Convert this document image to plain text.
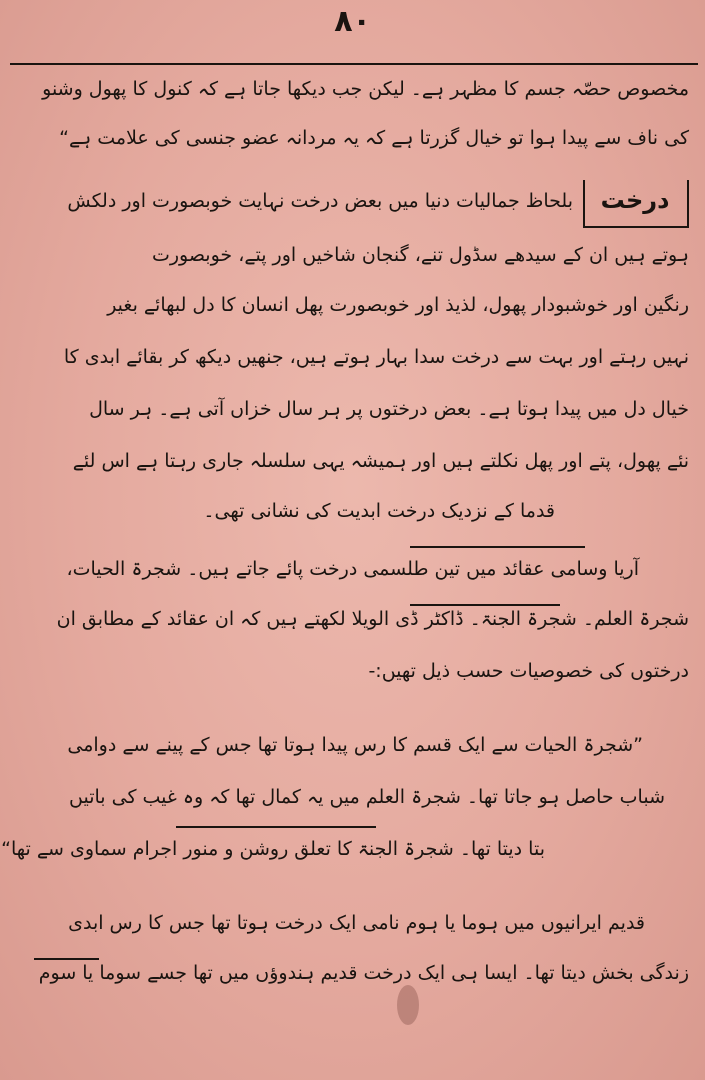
۸۰
مخصوص حصّہ جسم کا مظہر ہے۔ لیکن جب دیکھا جاتا ہے کہ کنول کا پھول وشنو
کی ناف سے پیدا ہوا تو خیال گزرتا ہے کہ یہ مردانہ عضو جنسی کی علامت ہے“
درخت
بلحاظ جمالیات دنیا میں بعض درخت نہایت خوبصورت اور دلکش
ہوتے ہیں ان کے سیدھے سڈول تنے، گنجان شاخیں اور پتے، خوبصورت
رنگین اور خوشبودار پھول، لذیذ اور خوبصورت پھل انسان کا دل لبھائے بغیر
نہیں رہتے اور بہت سے درخت سدا بہار ہوتے ہیں، جنھیں دیکھ کر بقائے ابدی کا
خیال دل میں پیدا ہوتا ہے۔ بعض درختوں پر ہر سال خزاں آتی ہے۔ ہر سال
نئے پھول، پتے اور پھل نکلتے ہیں اور ہمیشہ یہی سلسلہ جاری رہتا ہے اس لئے
قدما کے نزدیک درخت ابدیت کی نشانی تھی۔
آریا وسامی عقائد میں تین طلسمی درخت پائے جاتے ہیں۔ شجرۃ الحیات،
شجرۃ العلم۔ شجرۃ الجنۃ۔ ڈاکٹر ڈی الویلا لکھتے ہیں کہ ان عقائد کے مطابق ان
درختوں کی خصوصیات حسب ذیل تھیں:-
”شجرۃ الحیات سے ایک قسم کا رس پیدا ہوتا تھا جس کے پینے سے دوامی
شباب حاصل ہو جاتا تھا۔ شجرۃ العلم میں یہ کمال تھا کہ وہ غیب کی باتیں
بتا دیتا تھا۔ شجرۃ الجنۃ کا تعلق روشن و منور اجرام سماوی سے تھا“
قدیم ایرانیوں میں ہوما یا ہوم نامی ایک درخت ہوتا تھا جس کا رس ابدی
زندگی بخش دیتا تھا۔ ایسا ہی ایک درخت قدیم ہندوؤں میں تھا جسے سوما یا سوم
